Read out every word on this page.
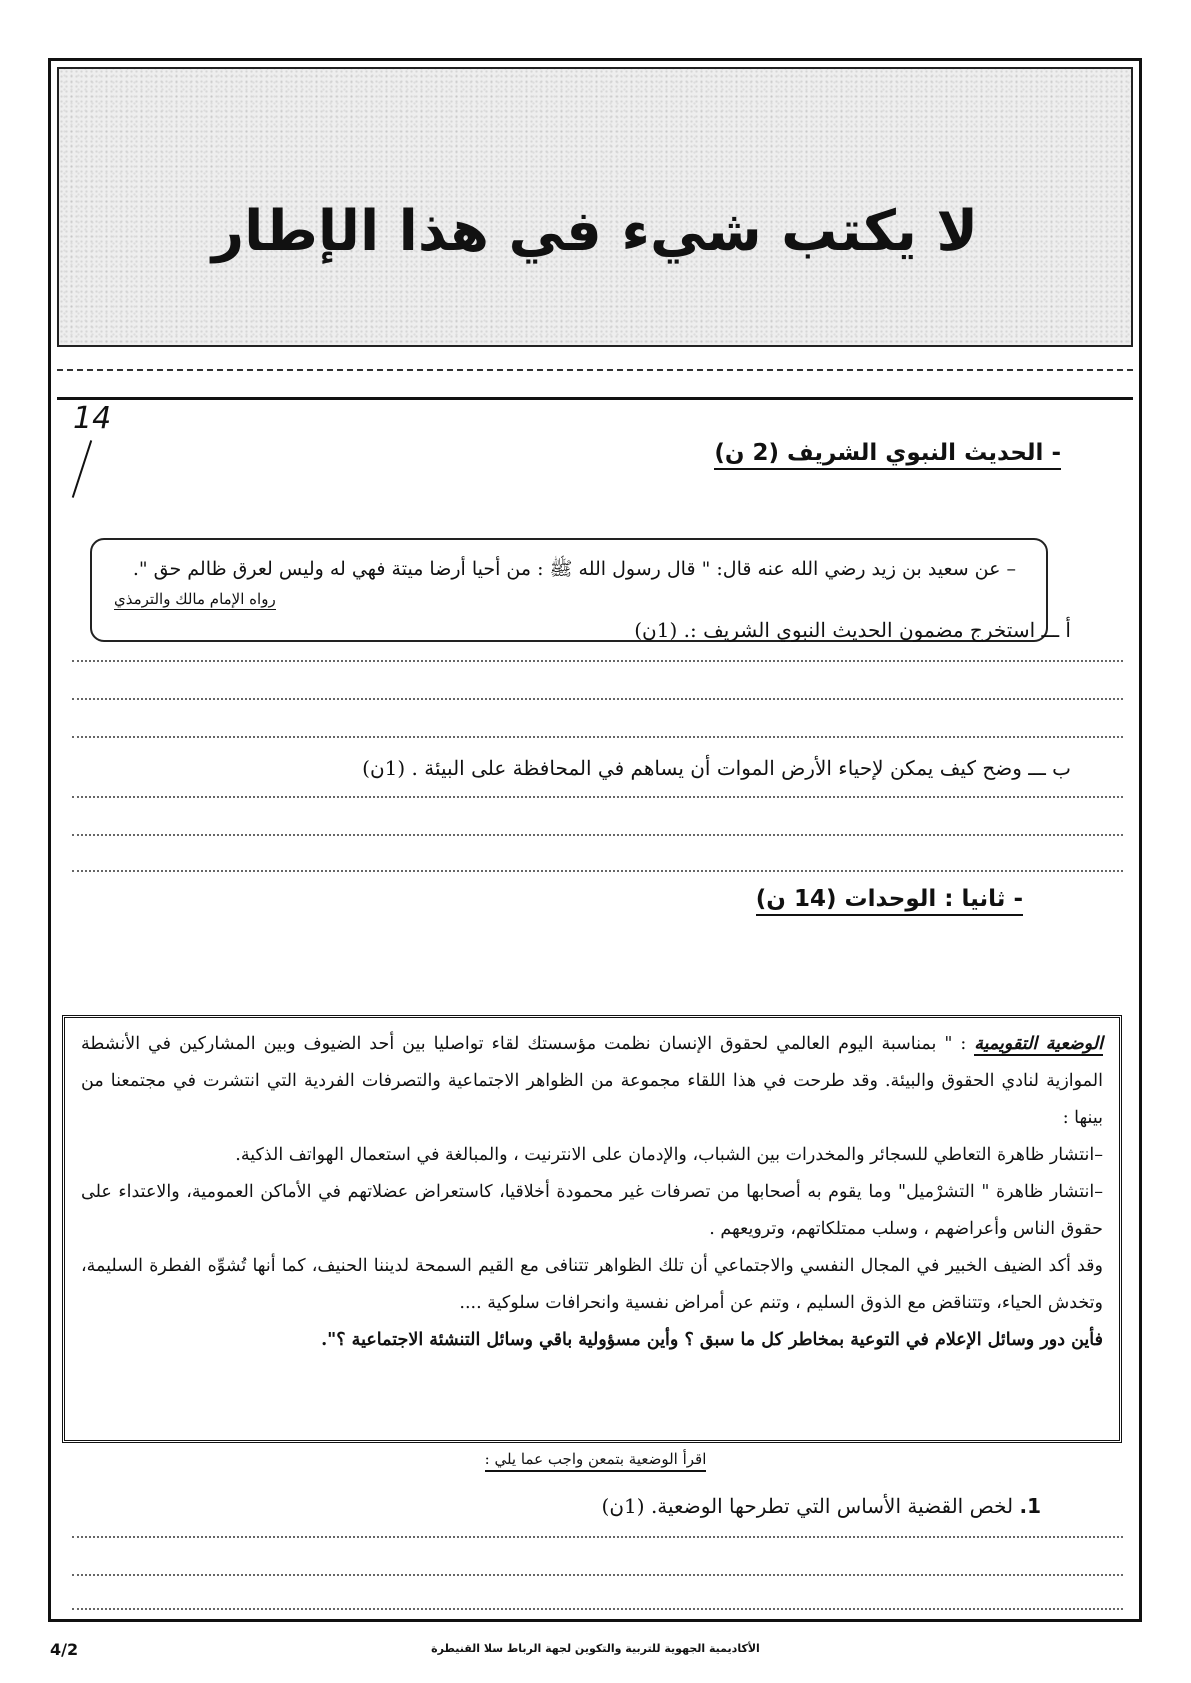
لا يكتب شيء في هذا الإطار
14
- الحديث النبوي الشريف (2 ن)
– عن سعيد بن زيد رضي الله عنه قال: " قال رسول الله ﷺ : من أحيا أرضا ميتة فهي له وليس لعرق ظالم حق ".
رواه الإمام مالك والترمذي
أ ـــ استخرج مضمون الحديث النبوي الشريف :. (1ن)
ب ـــ وضح كيف يمكن لإحياء الأرض الموات أن يساهم في المحافظة على البيئة . (1ن)
- ثانيا : الوحدات (14 ن)

الوضعية التقويمية : " بمناسبة اليوم العالمي لحقوق الإنسان نظمت مؤسستك لقاء تواصليا بين أحد الضيوف وبين المشاركين في الأنشطة الموازية لنادي الحقوق والبيئة. وقد طرحت في هذا اللقاء مجموعة من الظواهر الاجتماعية والتصرفات الفردية التي انتشرت في مجتمعنا من بينها :

–انتشار ظاهرة التعاطي للسجائر والمخدرات بين الشباب، والإدمان على الانترنيت ، والمبالغة في استعمال الهواتف الذكية.

–انتشار ظاهرة " التشرْميل" وما يقوم به أصحابها من تصرفات غير محمودة أخلاقيا، كاستعراض عضلاتهم في الأماكن العمومية، والاعتداء على حقوق الناس وأعراضهم ، وسلب ممتلكاتهم، وترويعهم .

وقد أكد الضيف الخبير في المجال النفسي والاجتماعي أن تلك الظواهر تتنافى مع القيم السمحة لديننا الحنيف، كما أنها تُشوِّه الفطرة السليمة، وتخدش الحياء، وتتناقض مع الذوق السليم ، وتنم عن أمراض نفسية وانحرافات سلوكية ....

فأين دور وسائل الإعلام في التوعية بمخاطر كل ما سبق ؟ وأين مسؤولية باقي وسائل التنشئة الاجتماعية ؟".

اقرأ الوضعية بتمعن واجب عما يلي :
1. لخص القضية الأساس التي تطرحها الوضعية. (1ن)
4/2	الأكاديمية الجهوية للتربية والتكوين لجهة الرباط سلا القنيطرة
